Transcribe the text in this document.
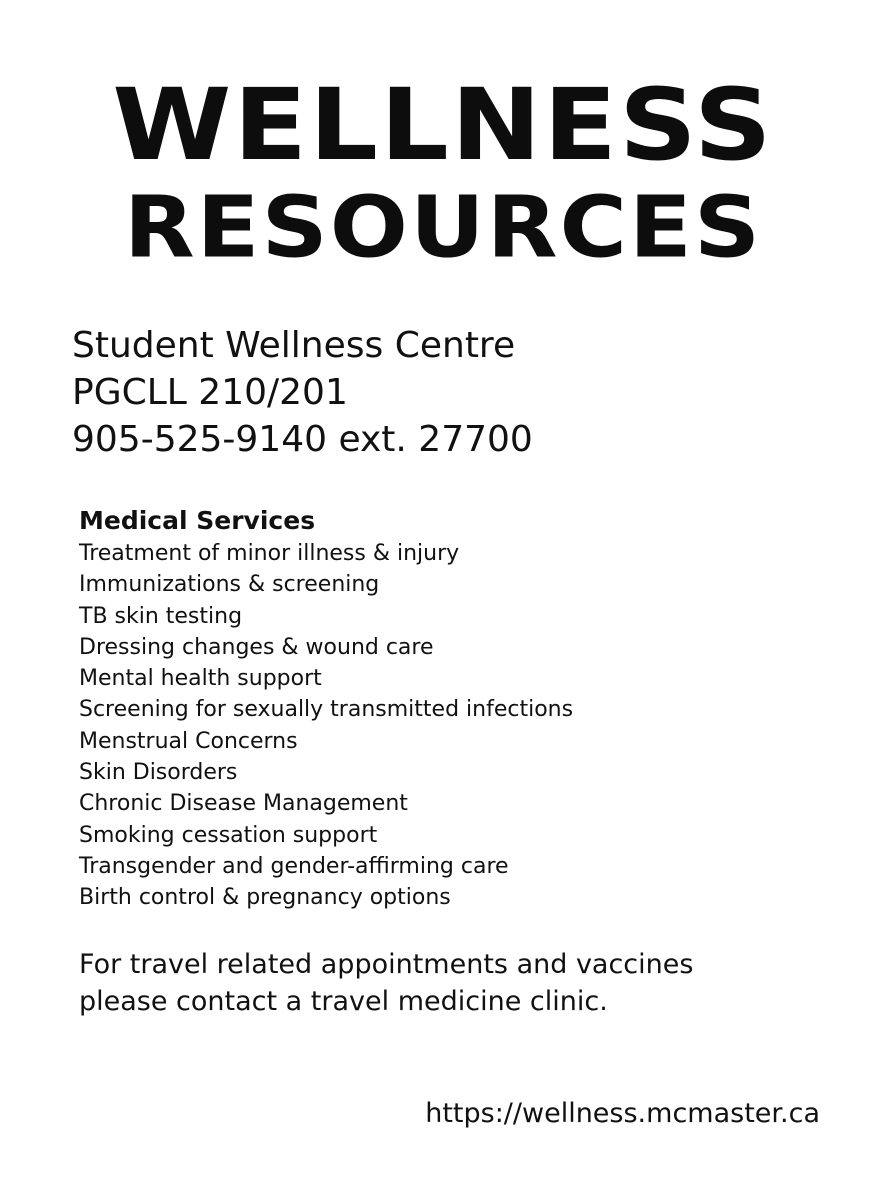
WELLNESS
RESOURCES
Student Wellness Centre
PGCLL 210/201
905-525-9140 ext. 27700
Medical Services
Treatment of minor illness & injury
Immunizations & screening
TB skin testing
Dressing changes & wound care
Mental health support
Screening for sexually transmitted infections
Menstrual Concerns
Skin Disorders
Chronic Disease Management
Smoking cessation support
Transgender and gender-affirming care
Birth control & pregnancy options
For travel related appointments and vaccines
please contact a travel medicine clinic.
https://wellness.mcmaster.ca
